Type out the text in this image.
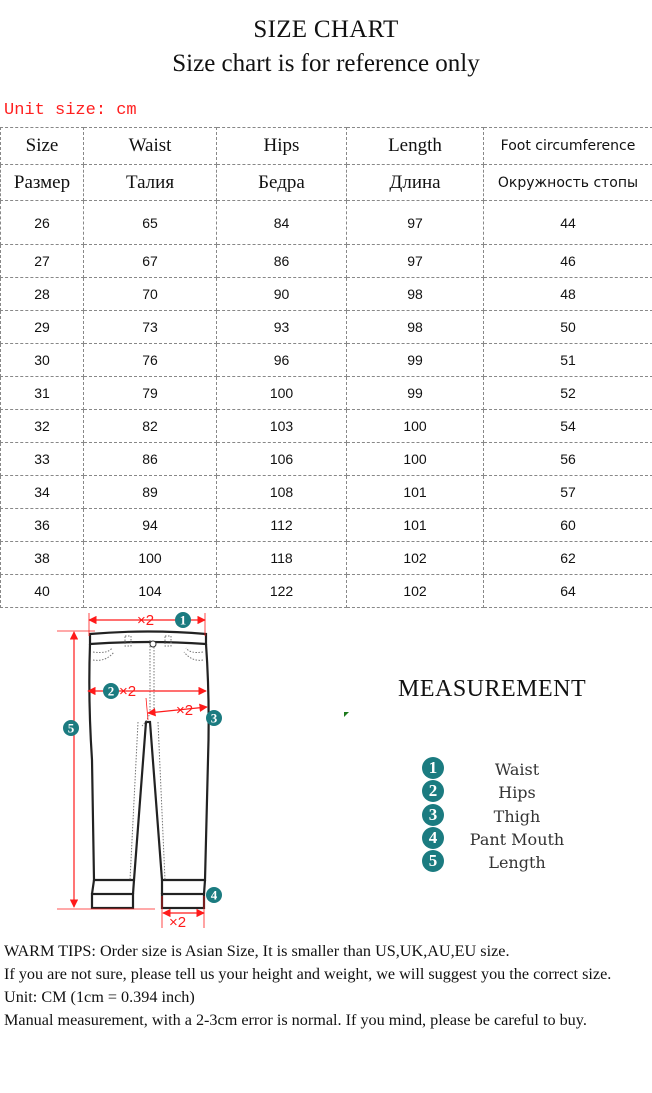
SIZE CHART
Size chart is for reference only
Unit size: cm
Size	Waist	Hips	Length	Foot circumference
Размер	Талия	Бедра	Длина	Окружность стопы
26	65	84	97	44
27	67	86	97	46
28	70	90	98	48
29	73	93	98	50
30	76	96	99	51
31	79	100	99	52
32	82	103	100	54
33	86	106	100	56
34	89	108	101	57
36	94	112	101	60
38	100	118	102	62
40	104	122	102	64
×2
×2
×2
×2
1
2
3
4
5
MEASUREMENT
1	Waist
2	Hips
3	Thigh
4	Pant Mouth
5	Length

WARM TIPS: Order size is Asian Size, It is smaller than US,UK,AU,EU size.

If you are not sure, please tell us your height and weight, we will suggest you the correct size.

Unit: CM (1cm = 0.394 inch)

Manual measurement, with a 2-3cm error is normal. If you mind, please be careful to buy.
